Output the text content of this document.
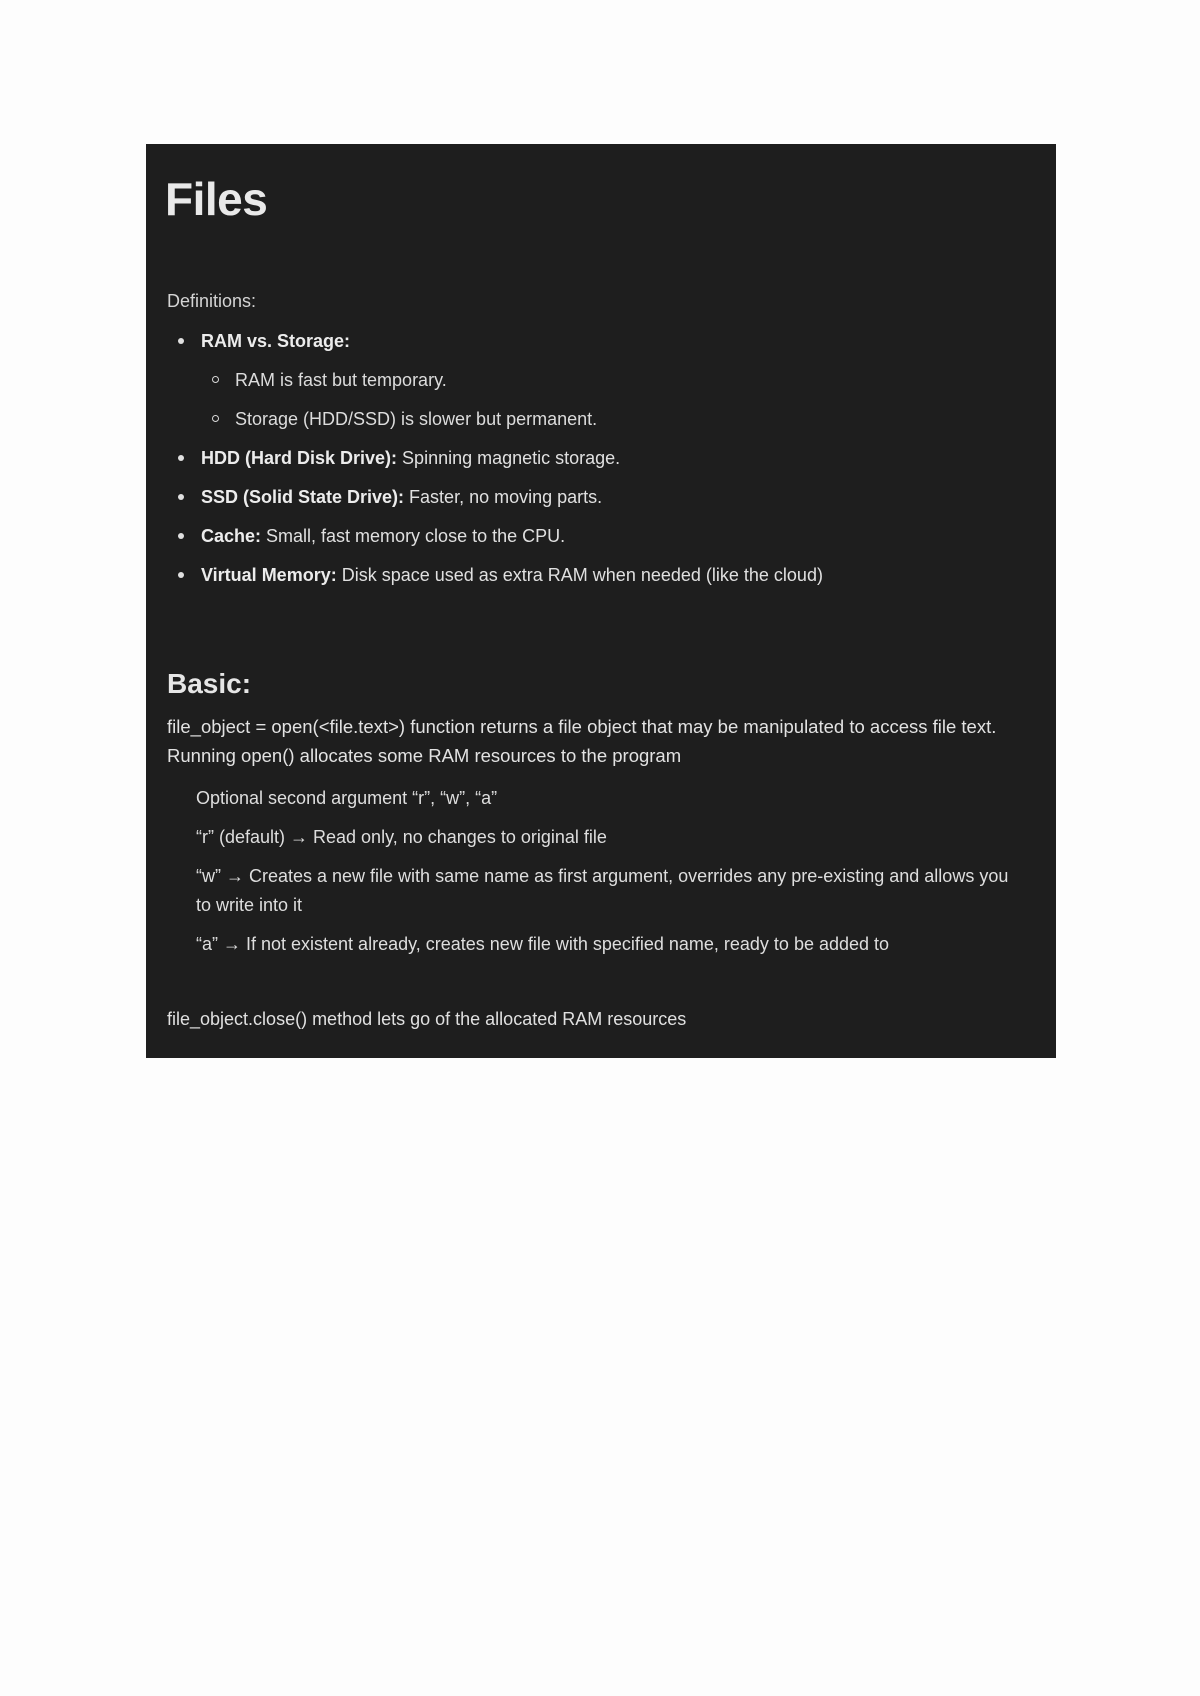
Files
Definitions:
RAM vs. Storage:
RAM is fast but temporary.
Storage (HDD/SSD) is slower but permanent.
HDD (Hard Disk Drive): Spinning magnetic storage.
SSD (Solid State Drive): Faster, no moving parts.
Cache: Small, fast memory close to the CPU.
Virtual Memory: Disk space used as extra RAM when needed (like the cloud)
Basic:

file_object = open(<file.text>) function returns a file object that may be manipulated to access file text. Running open() allocates some RAM resources to the program

Optional second argument “r”, “w”, “a”

“r” (default) → Read only, no changes to original file

“w” → Creates a new file with same name as first argument, overrides any pre-existing and allows you to write into it

“a” → If not existent already, creates new file with specified name, ready to be added to

file_object.close() method lets go of the allocated RAM resources
